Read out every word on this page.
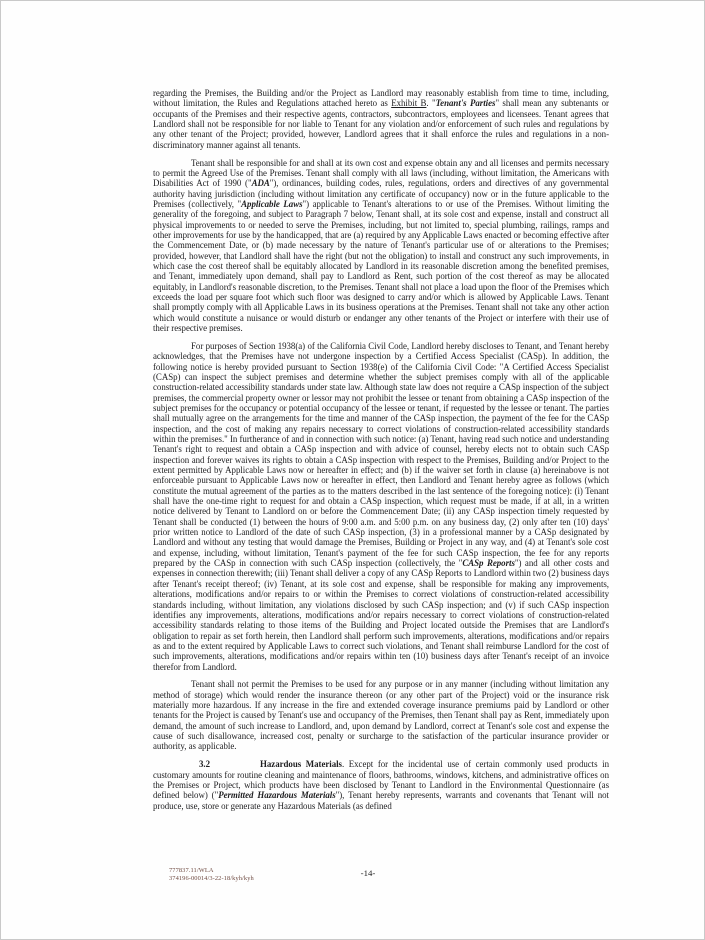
regarding the Premises, the Building and/or the Project as Landlord may reasonably establish from time to time, including, without limitation, the Rules and Regulations attached hereto as Exhibit B. "Tenant's Parties" shall mean any subtenants or occupants of the Premises and their respective agents, contractors, subcontractors, employees and licensees. Tenant agrees that Landlord shall not be responsible for nor liable to Tenant for any violation and/or enforcement of such rules and regulations by any other tenant of the Project; provided, however, Landlord agrees that it shall enforce the rules and regulations in a non-discriminatory manner against all tenants.

Tenant shall be responsible for and shall at its own cost and expense obtain any and all licenses and permits necessary to permit the Agreed Use of the Premises. Tenant shall comply with all laws (including, without limitation, the Americans with Disabilities Act of 1990 ("ADA"), ordinances, building codes, rules, regulations, orders and directives of any governmental authority having jurisdiction (including without limitation any certificate of occupancy) now or in the future applicable to the Premises (collectively, "Applicable Laws") applicable to Tenant's alterations to or use of the Premises. Without limiting the generality of the foregoing, and subject to Paragraph 7 below, Tenant shall, at its sole cost and expense, install and construct all physical improvements to or needed to serve the Premises, including, but not limited to, special plumbing, railings, ramps and other improvements for use by the handicapped, that are (a) required by any Applicable Laws enacted or becoming effective after the Commencement Date, or (b) made necessary by the nature of Tenant's particular use of or alterations to the Premises; provided, however, that Landlord shall have the right (but not the obligation) to install and construct any such improvements, in which case the cost thereof shall be equitably allocated by Landlord in its reasonable discretion among the benefited premises, and Tenant, immediately upon demand, shall pay to Landlord as Rent, such portion of the cost thereof as may be allocated equitably, in Landlord's reasonable discretion, to the Premises. Tenant shall not place a load upon the floor of the Premises which exceeds the load per square foot which such floor was designed to carry and/or which is allowed by Applicable Laws. Tenant shall promptly comply with all Applicable Laws in its business operations at the Premises. Tenant shall not take any other action which would constitute a nuisance or would disturb or endanger any other tenants of the Project or interfere with their use of their respective premises.

For purposes of Section 1938(a) of the California Civil Code, Landlord hereby discloses to Tenant, and Tenant hereby acknowledges, that the Premises have not undergone inspection by a Certified Access Specialist (CASp). In addition, the following notice is hereby provided pursuant to Section 1938(e) of the California Civil Code: "A Certified Access Specialist (CASp) can inspect the subject premises and determine whether the subject premises comply with all of the applicable construction-related accessibility standards under state law. Although state law does not require a CASp inspection of the subject premises, the commercial property owner or lessor may not prohibit the lessee or tenant from obtaining a CASp inspection of the subject premises for the occupancy or potential occupancy of the lessee or tenant, if requested by the lessee or tenant. The parties shall mutually agree on the arrangements for the time and manner of the CASp inspection, the payment of the fee for the CASp inspection, and the cost of making any repairs necessary to correct violations of construction-related accessibility standards within the premises." In furtherance of and in connection with such notice: (a) Tenant, having read such notice and understanding Tenant's right to request and obtain a CASp inspection and with advice of counsel, hereby elects not to obtain such CASp inspection and forever waives its rights to obtain a CASp inspection with respect to the Premises, Building and/or Project to the extent permitted by Applicable Laws now or hereafter in effect; and (b) if the waiver set forth in clause (a) hereinabove is not enforceable pursuant to Applicable Laws now or hereafter in effect, then Landlord and Tenant hereby agree as follows (which constitute the mutual agreement of the parties as to the matters described in the last sentence of the foregoing notice): (i) Tenant shall have the one-time right to request for and obtain a CASp inspection, which request must be made, if at all, in a written notice delivered by Tenant to Landlord on or before the Commencement Date; (ii) any CASp inspection timely requested by Tenant shall be conducted (1) between the hours of 9:00 a.m. and 5:00 p.m. on any business day, (2) only after ten (10) days' prior written notice to Landlord of the date of such CASp inspection, (3) in a professional manner by a CASp designated by Landlord and without any testing that would damage the Premises, Building or Project in any way, and (4) at Tenant's sole cost and expense, including, without limitation, Tenant's payment of the fee for such CASp inspection, the fee for any reports prepared by the CASp in connection with such CASp inspection (collectively, the "CASp Reports") and all other costs and expenses in connection therewith; (iii) Tenant shall deliver a copy of any CASp Reports to Landlord within two (2) business days after Tenant's receipt thereof; (iv) Tenant, at its sole cost and expense, shall be responsible for making any improvements, alterations, modifications and/or repairs to or within the Premises to correct violations of construction-related accessibility standards including, without limitation, any violations disclosed by such CASp inspection; and (v) if such CASp inspection identifies any improvements, alterations, modifications and/or repairs necessary to correct violations of construction-related accessibility standards relating to those items of the Building and Project located outside the Premises that are Landlord's obligation to repair as set forth herein, then Landlord shall perform such improvements, alterations, modifications and/or repairs as and to the extent required by Applicable Laws to correct such violations, and Tenant shall reimburse Landlord for the cost of such improvements, alterations, modifications and/or repairs within ten (10) business days after Tenant's receipt of an invoice therefor from Landlord.

Tenant shall not permit the Premises to be used for any purpose or in any manner (including without limitation any method of storage) which would render the insurance thereon (or any other part of the Project) void or the insurance risk materially more hazardous. If any increase in the fire and extended coverage insurance premiums paid by Landlord or other tenants for the Project is caused by Tenant's use and occupancy of the Premises, then Tenant shall pay as Rent, immediately upon demand, the amount of such increase to Landlord, and, upon demand by Landlord, correct at Tenant's sole cost and expense the cause of such disallowance, increased cost, penalty or surcharge to the satisfaction of the particular insurance provider or authority, as applicable.

3.2	Hazardous Materials. Except for the incidental use of certain commonly used products in customary amounts for routine cleaning and maintenance of floors, bathrooms, windows, kitchens, and administrative offices on the Premises or Project, which products have been disclosed by Tenant to Landlord in the Environmental Questionnaire (as defined below) ("Permitted Hazardous Materials"), Tenant hereby represents, warrants and covenants that Tenant will not produce, use, store or generate any Hazardous Materials (as defined

777837.11/WLA
374196-00014/3-22-18/kyh/kyh
-14-
